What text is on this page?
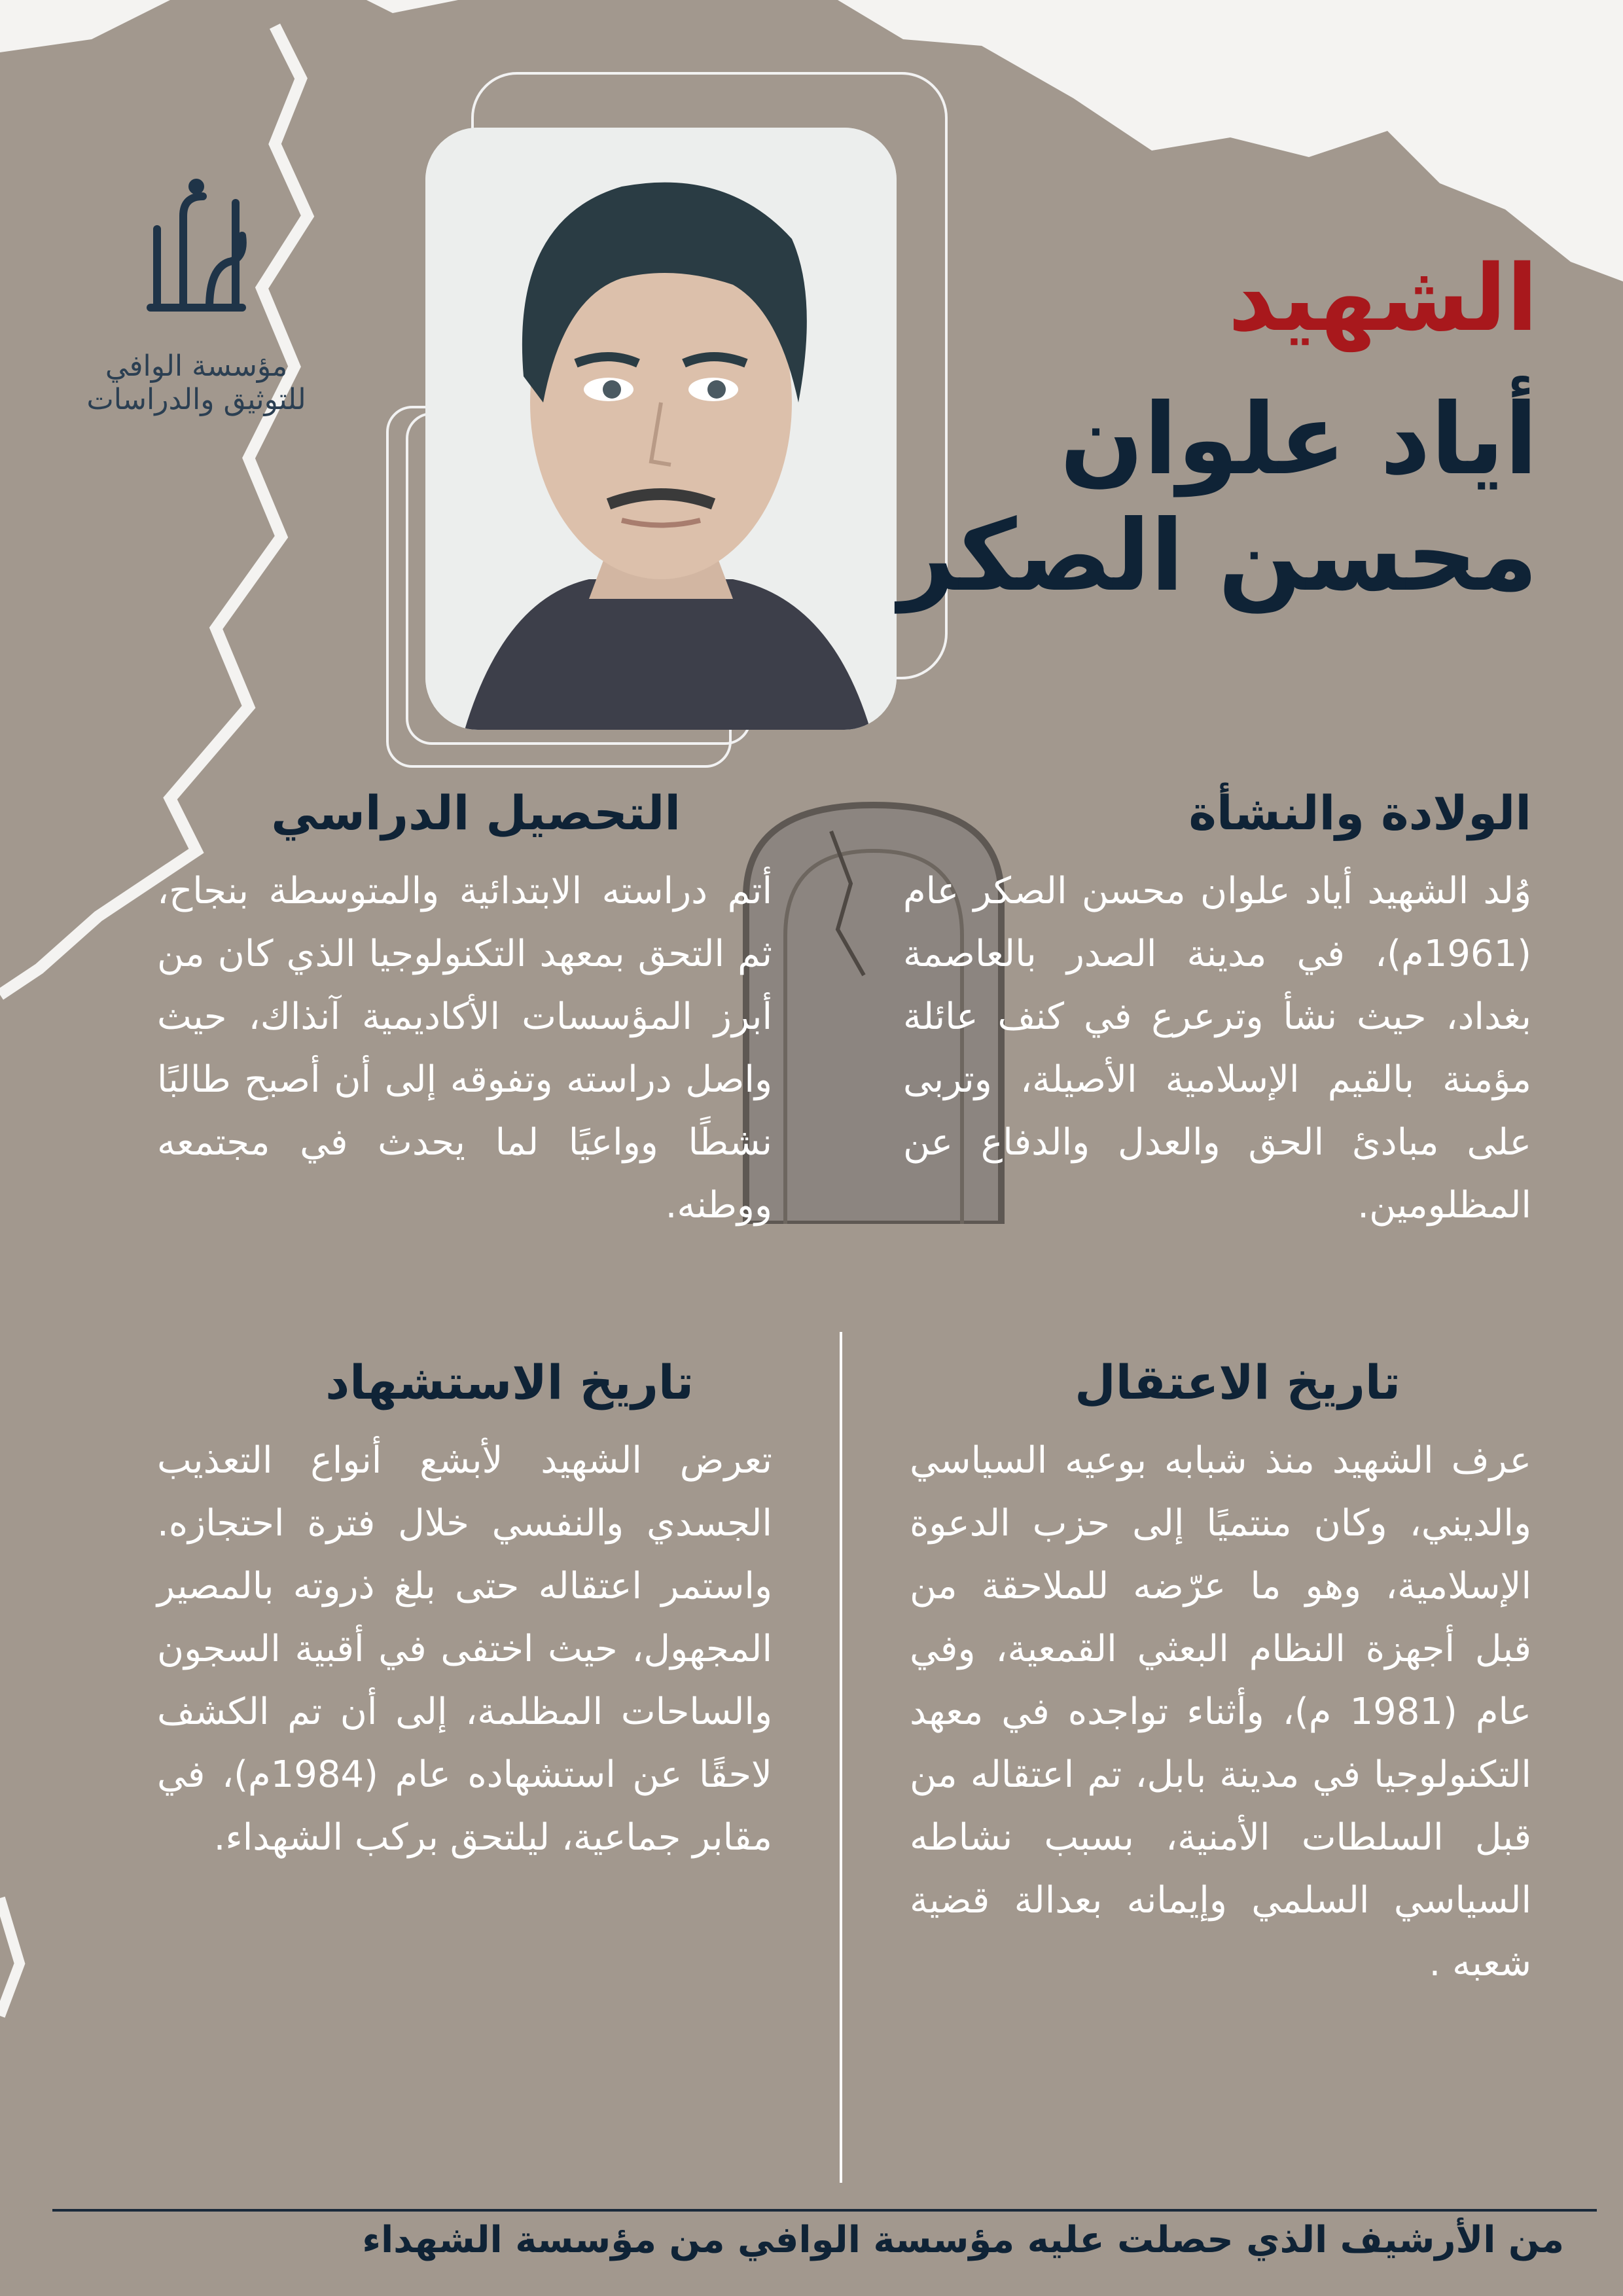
مؤسسة الوافي للتوثيق والدراسات
الشهيد
أياد علوان
محسن الصكر
الولادة والنشأة
وُلد الشهيد أياد علوان محسن الصكر عام (1961م)، في مدينة الصدر بالعاصمة بغداد، حيث نشأ وترعرع في كنف عائلة مؤمنة بالقيم الإسلامية الأصيلة، وتربى على مبادئ الحق والعدل والدفاع عن المظلومين.
التحصيل الدراسي
أتم دراسته الابتدائية والمتوسطة بنجاح، ثم التحق بمعهد التكنولوجيا الذي كان من أبرز المؤسسات الأكاديمية آنذاك، حيث واصل دراسته وتفوقه إلى أن أصبح طالبًا نشطًا وواعيًا لما يحدث في مجتمعه ووطنه.
تاريخ الاعتقال
عرف الشهيد منذ شبابه بوعيه السياسي والديني، وكان منتميًا إلى حزب الدعوة الإسلامية، وهو ما عرّضه للملاحقة من قبل أجهزة النظام البعثي القمعية، وفي عام (1981 م)، وأثناء تواجده في معهد التكنولوجيا في مدينة بابل، تم اعتقاله من قبل السلطات الأمنية، بسبب نشاطه السياسي السلمي وإيمانه بعدالة قضية شعبه .
تاريخ الاستشهاد
تعرض الشهيد لأبشع أنواع التعذيب الجسدي والنفسي خلال فترة احتجازه. واستمر اعتقاله حتى بلغ ذروته بالمصير المجهول، حيث اختفى في أقبية السجون والساحات المظلمة، إلى أن تم الكشف لاحقًا عن استشهاده عام (1984م)، في مقابر جماعية، ليلتحق بركب الشهداء.
من الأرشيف الذي حصلت عليه مؤسسة الوافي من مؤسسة الشهداء
